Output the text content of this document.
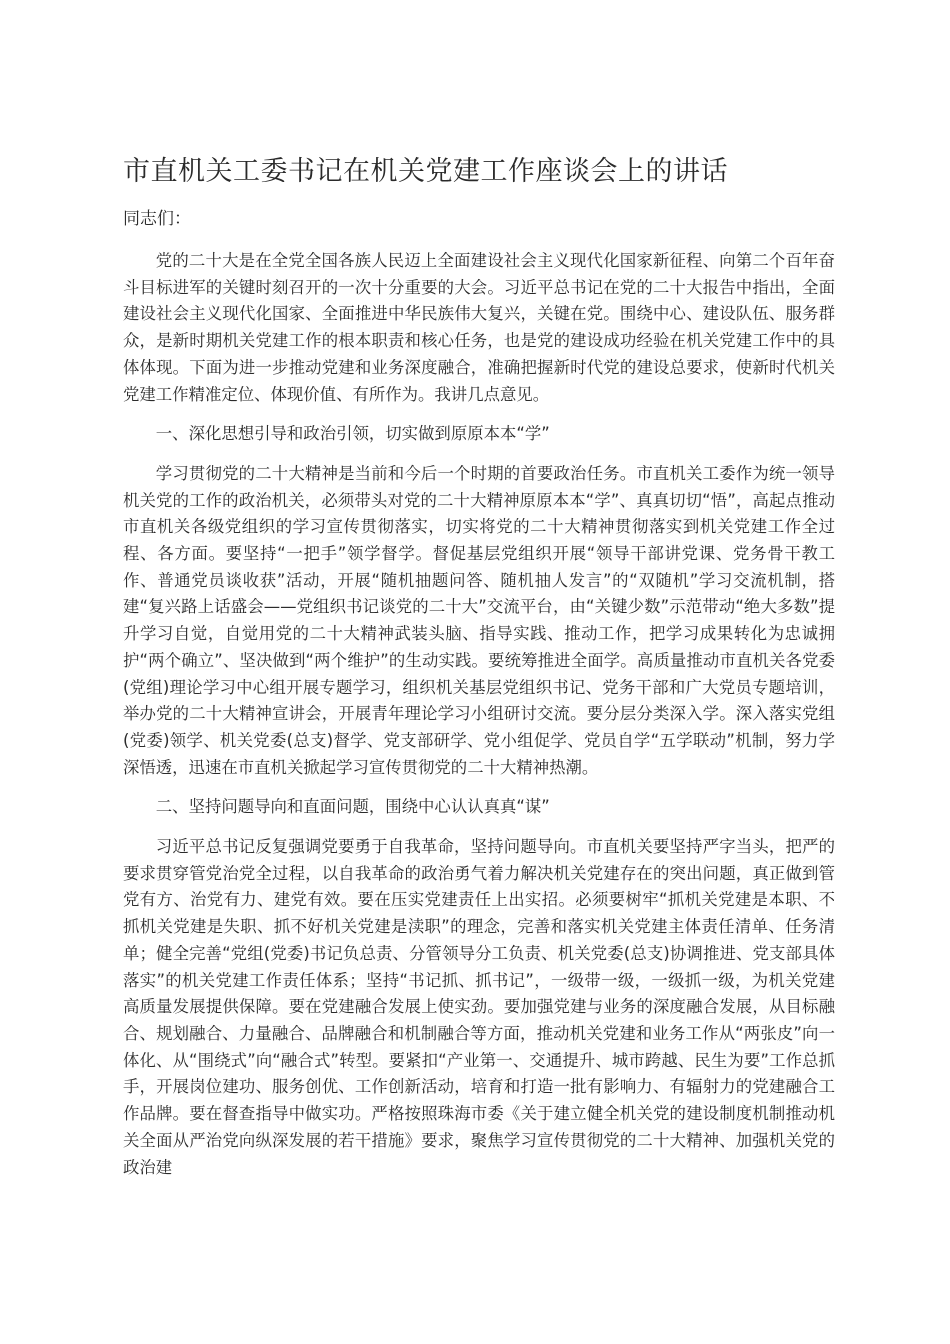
市直机关工委书记在机关党建工作座谈会上的讲话

同志们：

党的二十大是在全党全国各族人民迈上全面建设社会主义现代化国家新征程、向第二个百年奋斗目标进军的关键时刻召开的一次十分重要的大会。习近平总书记在党的二十大报告中指出，全面建设社会主义现代化国家、全面推进中华民族伟大复兴，关键在党。围绕中心、建设队伍、服务群众，是新时期机关党建工作的根本职责和核心任务，也是党的建设成功经验在机关党建工作中的具体体现。下面为进一步推动党建和业务深度融合，准确把握新时代党的建设总要求，使新时代机关党建工作精准定位、体现价值、有所作为。我讲几点意见。

一、深化思想引导和政治引领，切实做到原原本本“学”

学习贯彻党的二十大精神是当前和今后一个时期的首要政治任务。市直机关工委作为统一领导机关党的工作的政治机关，必须带头对党的二十大精神原原本本“学”、真真切切“悟”，高起点推动市直机关各级党组织的学习宣传贯彻落实，切实将党的二十大精神贯彻落实到机关党建工作全过程、各方面。要坚持“一把手”领学督学。督促基层党组织开展“领导干部讲党课、党务骨干教工作、普通党员谈收获”活动，开展“随机抽题问答、随机抽人发言”的“双随机”学习交流机制，搭建“复兴路上话盛会——党组织书记谈党的二十大”交流平台，由“关键少数”示范带动“绝大多数”提升学习自觉，自觉用党的二十大精神武装头脑、指导实践、推动工作，把学习成果转化为忠诚拥护“两个确立”、坚决做到“两个维护”的生动实践。要统筹推进全面学。高质量推动市直机关各党委(党组)理论学习中心组开展专题学习，组织机关基层党组织书记、党务干部和广大党员专题培训，举办党的二十大精神宣讲会，开展青年理论学习小组研讨交流。要分层分类深入学。深入落实党组(党委)领学、机关党委(总支)督学、党支部研学、党小组促学、党员自学“五学联动”机制，努力学深悟透，迅速在市直机关掀起学习宣传贯彻党的二十大精神热潮。

二、坚持问题导向和直面问题，围绕中心认认真真“谋”

习近平总书记反复强调党要勇于自我革命，坚持问题导向。市直机关要坚持严字当头，把严的要求贯穿管党治党全过程，以自我革命的政治勇气着力解决机关党建存在的突出问题，真正做到管党有方、治党有力、建党有效。要在压实党建责任上出实招。必须要树牢“抓机关党建是本职、不抓机关党建是失职、抓不好机关党建是渎职”的理念，完善和落实机关党建主体责任清单、任务清单；健全完善“党组(党委)书记负总责、分管领导分工负责、机关党委(总支)协调推进、党支部具体落实”的机关党建工作责任体系；坚持“书记抓、抓书记”，一级带一级，一级抓一级，为机关党建高质量发展提供保障。要在党建融合发展上使实劲。要加强党建与业务的深度融合发展，从目标融合、规划融合、力量融合、品牌融合和机制融合等方面，推动机关党建和业务工作从“两张皮”向一体化、从“围绕式”向“融合式”转型。要紧扣“产业第一、交通提升、城市跨越、民生为要”工作总抓手，开展岗位建功、服务创优、工作创新活动，培育和打造一批有影响力、有辐射力的党建融合工作品牌。要在督查指导中做实功。严格按照珠海市委《关于建立健全机关党的建设制度机制推动机关全面从严治党向纵深发展的若干措施》要求，聚焦学习宣传贯彻党的二十大精神、加强机关党的政治建
